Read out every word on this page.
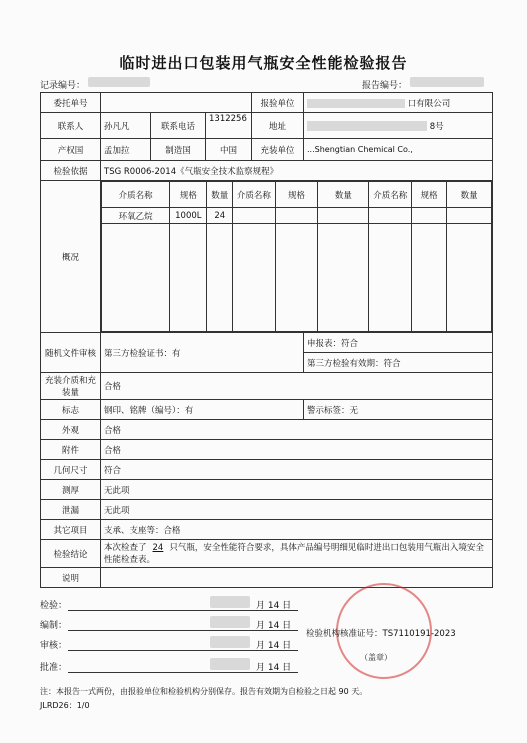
临时进出口包装用气瓶安全性能检验报告
记录编号：	报告编号：
委托单号		报验单位	口有限公司
联系人	孙凡凡	联系电话	1312256	地址	8号
产权国	孟加拉	制造国	中国	充装单位	...Shengtian Chemical Co.,
检验依据	TSG R0006-2014《气瓶安全技术监察规程》
概况	
介质名称	规格	数量	介质名称	规格	数量	介质名称	规格	数量
环氧乙烷	1000L	24						

随机文件审核	第三方检验证书：有	申报表：符合
第三方检验有效期：符合
充装介质和充装量	合格
标志	钢印、铭牌（编号）：有	警示标签：无
外观	合格
附件	合格
几何尺寸	符合
测厚	无此项
泄漏	无此项
其它项目	支承、支座等：合格
检验结论	本次检查了 24 只气瓶，安全性能符合要求，具体产品编号明细见临时进出口包装用气瓶出入境安全性能检查表。
说明	
检验：	月 14 日
编制：	月 14 日
审核：	月 14 日
批准：	月 14 日
检验机构核准证号：TS7110191-2023
（盖章）
注：本报告一式两份，由报验单位和检验机构分别保存。报告有效期为自检验之日起 90 天。
JLRD26：1/0
